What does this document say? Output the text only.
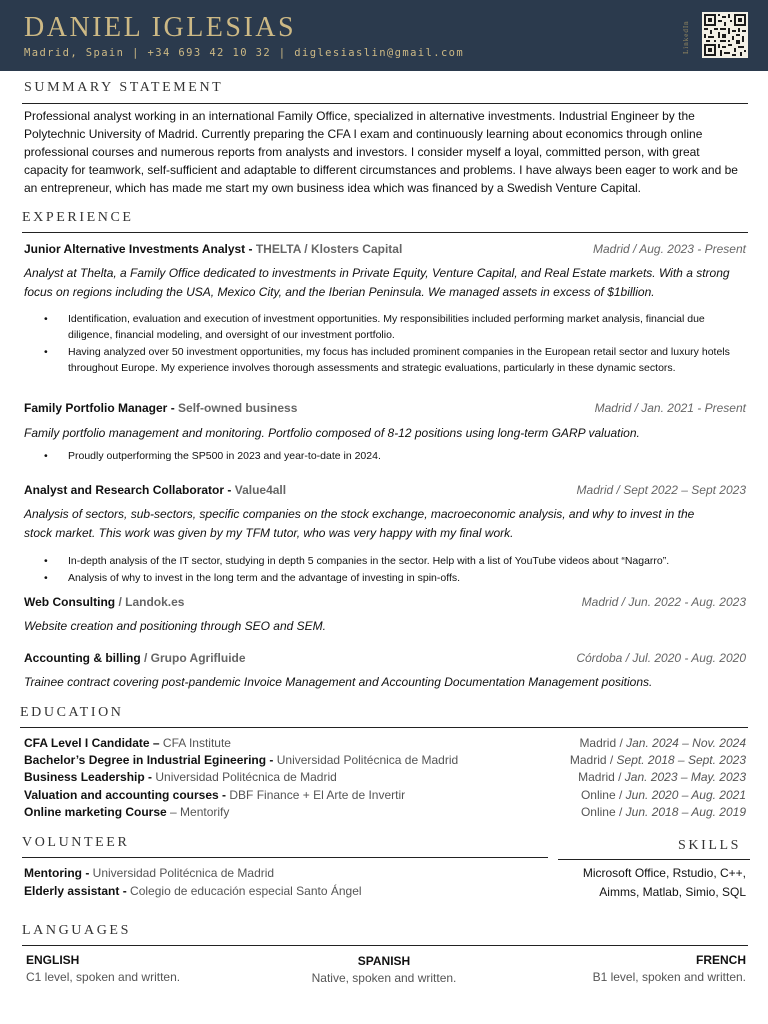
DANIEL IGLESIAS
Madrid, Spain | +34 693 42 10 32 | diglesiaslin@gmail.com	LinkedIn
SUMMARY STATEMENT
Professional analyst working in an international Family Office, specialized in alternative investments. Industrial Engineer by the Polytechnic University of Madrid. Currently preparing the CFA I exam and continuously learning about economics through online professional courses and numerous reports from analysts and investors. I consider myself a loyal, committed person, with great capacity for teamwork, self-sufficient and adaptable to different circumstances and problems. I have always been eager to work and be an entrepreneur, which has made me start my own business idea which was financed by a Swedish Venture Capital.
EXPERIENCE
Junior Alternative Investments Analyst - THELTA / Klosters Capital	Madrid / Aug. 2023 - Present
Analyst at Thelta, a Family Office dedicated to investments in Private Equity, Venture Capital, and Real Estate markets. With a strong focus on regions including the USA, Mexico City, and the Iberian Peninsula. We managed assets in excess of $1billion.
• Identification, evaluation and execution of investment opportunities. My responsibilities included performing market analysis, financial due diligence, financial modeling, and oversight of our investment portfolio.
• Having analyzed over 50 investment opportunities, my focus has included prominent companies in the European retail sector and luxury hotels throughout Europe. My experience involves thorough assessments and strategic evaluations, particularly in these dynamic sectors.
Family Portfolio Manager - Self-owned business	Madrid / Jan. 2021 - Present
Family portfolio management and monitoring. Portfolio composed of 8-12 positions using long-term GARP valuation.
• Proudly outperforming the SP500 in 2023 and year-to-date in 2024.
Analyst and Research Collaborator - Value4all	Madrid / Sept 2022 – Sept 2023
Analysis of sectors, sub-sectors, specific companies on the stock exchange, macroeconomic analysis, and why to invest in the stock market. This work was given by my TFM tutor, who was very happy with my final work.
• In-depth analysis of the IT sector, studying in depth 5 companies in the sector. Help with a list of YouTube videos about “Nagarro”.
• Analysis of why to invest in the long term and the advantage of investing in spin-offs.
Web Consulting / Landok.es	Madrid / Jun. 2022 - Aug. 2023
Website creation and positioning through SEO and SEM.
Accounting & billing / Grupo Agrifluide	Córdoba / Jul. 2020 - Aug. 2020
Trainee contract covering post-pandemic Invoice Management and Accounting Documentation Management positions.
EDUCATION
CFA Level I Candidate – CFA Institute	Madrid / Jan. 2024 – Nov. 2024
Bachelor’s Degree in Industrial Egineering - Universidad Politécnica de Madrid	Madrid / Sept. 2018 – Sept. 2023
Business Leadership - Universidad Politécnica de Madrid	Madrid / Jan. 2023 – May. 2023
Valuation and accounting courses - DBF Finance + El Arte de Invertir	Online / Jun. 2020 – Aug. 2021
Online marketing Course – Mentorify	Online / Jun. 2018 – Aug. 2019
VOLUNTEER
Mentoring - Universidad Politécnica de Madrid
Elderly assistant - Colegio de educación especial Santo Ángel
SKILLS
Microsoft Office, Rstudio, C++,
Aimms, Matlab, Simio, SQL
LANGUAGES
ENGLISH
C1 level, spoken and written.
SPANISH
Native, spoken and written.
FRENCH
B1 level, spoken and written.
